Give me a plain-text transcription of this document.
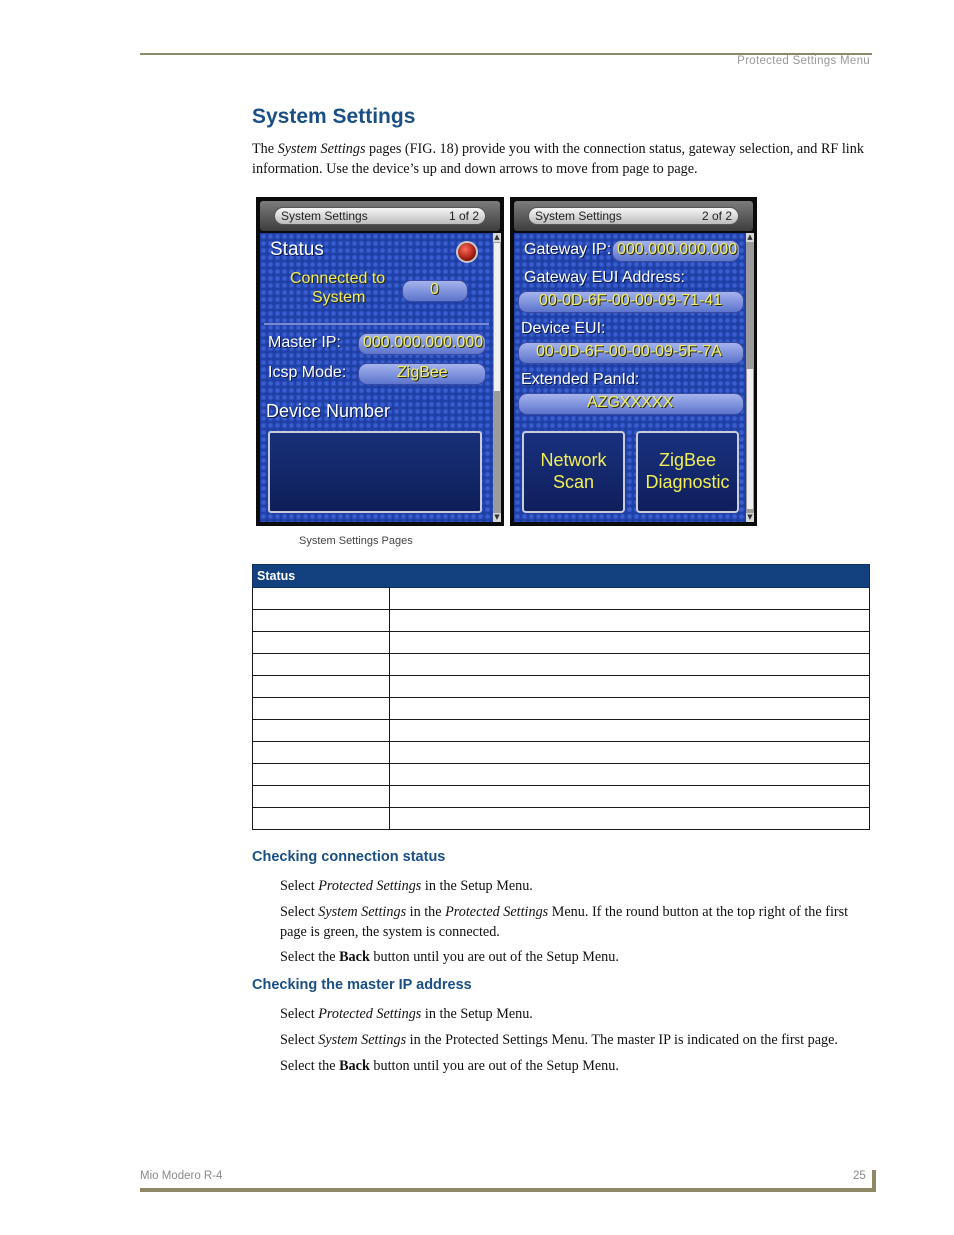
Protected Settings Menu
System Settings
The System Settings pages (FIG. 18) provide you with the connection status, gateway selection, and RF link information. Use the device’s up and down arrows to move from page to page.
System Settings	1 of 2
Status
Connected to
System	0
Master IP: 000.000.000.000
Icsp Mode:	ZigBee
Device Number
▲
▼
System Settings	2 of 2
Gateway IP: 000.000.000.000
Gateway EUI Address:
00-0D-6F-00-00-09-71-41
Device EUI:
00-0D-6F-00-00-09-5F-7A
Extended PanId:
AZGXXXXX
Network
Scan
ZigBee
Diagnostic
▲
▼
System Settings Pages
Status	

Checking connection status
Select Protected Settings in the Setup Menu.
Select System Settings in the Protected Settings Menu. If the round button at the top right of the first page is green, the system is connected.
Select the Back button until you are out of the Setup Menu.
Checking the master IP address
Select Protected Settings in the Setup Menu.
Select System Settings in the Protected Settings Menu. The master IP is indicated on the first page.
Select the Back button until you are out of the Setup Menu.
Mio Modero R-4	25
